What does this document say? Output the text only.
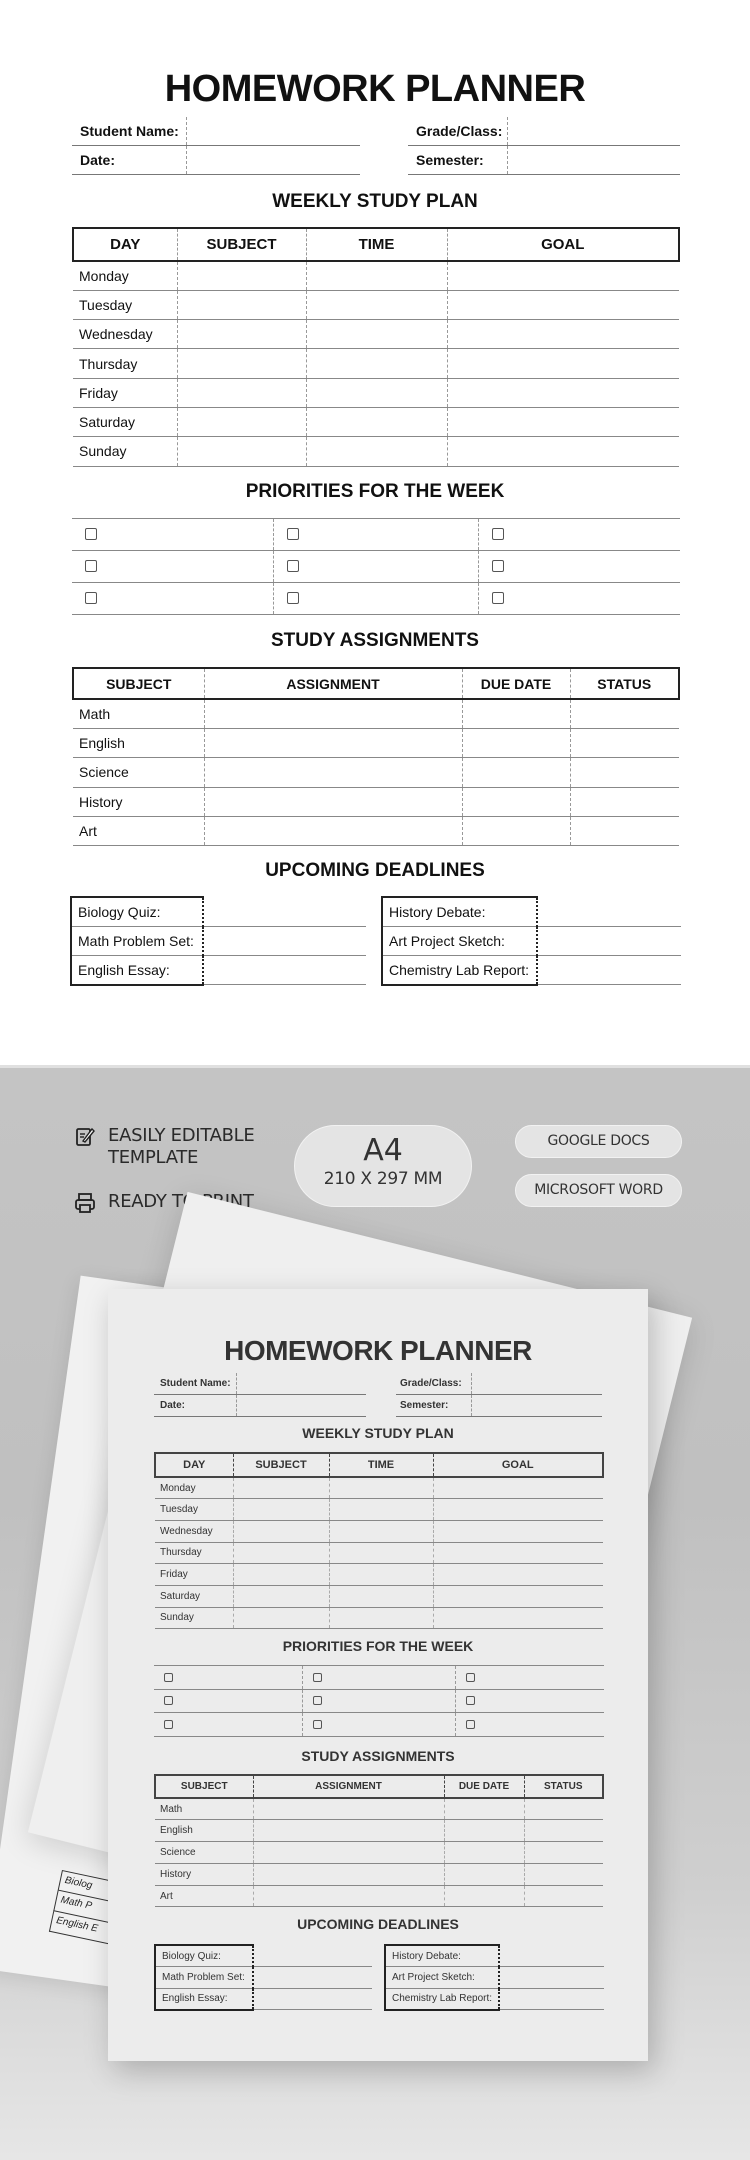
HOMEWORK PLANNER
Student Name:
Date:
Grade/Class:
Semester:
WEEKLY STUDY PLAN
DAY	SUBJECT	TIME	GOAL
Monday			
Tuesday			
Wednesday			
Thursday			
Friday			
Saturday			
Sunday			
PRIORITIES FOR THE WEEK

STUDY ASSIGNMENTS
SUBJECT	ASSIGNMENT	DUE DATE	STATUS
Math			
English			
Science			
History			
Art			
UPCOMING DEADLINES
Biology Quiz:	
Math Problem Set:	
English Essay:	
History Debate:	
Art Project Sketch:	
Chemistry Lab Report:	
EASILY EDITABLE
TEMPLATE
READY TO PRINT
A4
210 X 297 MM
GOOGLE DOCS
MICROSOFT WORD
Biolog
Math P
English E
HOMEWORK PLANNER
Student Name:
Date:
Grade/Class:
Semester:
WEEKLY STUDY PLAN
DAY	SUBJECT	TIME	GOAL
Monday			
Tuesday			
Wednesday			
Thursday			
Friday			
Saturday			
Sunday			
PRIORITIES FOR THE WEEK

STUDY ASSIGNMENTS
SUBJECT	ASSIGNMENT	DUE DATE	STATUS
Math			
English			
Science			
History			
Art			
UPCOMING DEADLINES
Biology Quiz:	
Math Problem Set:	
English Essay:	
History Debate:	
Art Project Sketch:	
Chemistry Lab Report:	
